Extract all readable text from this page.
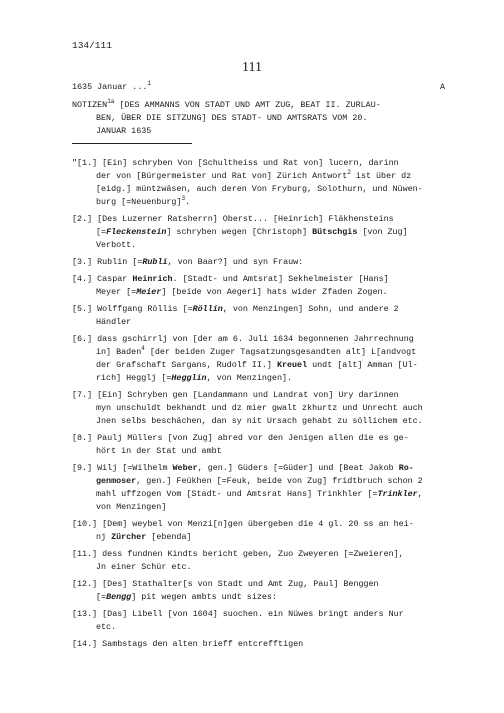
134/111
111
1635 Januar ...$^1$	A
$NOTIZEN^{1a}$ [DES AMMANNS VON STADT UND AMT ZUG, BEAT II. ZURLAU-
BEN, ÜBER DIE SITZUNG] DES STADT- UND AMTSRATS VOM 20.
JANUAR 1635
"[1.] [Ein] schryben Von [Schultheiss und Rat von] lucern, darinn
der von [Bürgermeister und Rat von] Zürich Antwort$^2$ ist über dz
[eidg.] müntzwäsen, auch deren Von Fryburg, Solothurn, und Nüwen-
burg [=Neuenburg]$^3$.
[2.] [Des Luzerner Ratsherrn] Oberst... [Heinrich] Fläkhensteins
[=Fleckenstein] schryben wegen [Christoph] Bütschgis [von Zug]
Verbott.
[3.] Rublin [=Rubli, von Baar?] und syn Frauw:
[4.] Caspar Heinrich. [Stadt- und Amtsrat] Sekhelmeister [Hans]
Meyer [=Meier] [beide von Aegeri] hats wider Zfaden Zogen.
[5.] Wolffgang Röllis [=Röllin, von Menzingen] Sohn, und andere 2
Händler
[6.] dass gschirrlj von [der am 6. Juli 1634 begonnenen Jahrrechnung
in] Baden$^4$ [der beiden Zuger Tagsatzungsgesandten alt] L[andvogt
der Grafschaft Sargans, Rudolf II.] Kreuel undt [alt] Amman [Ul-
rich] Hegglj [=Hegglin, von Menzingen].
[7.] [Ein] Schryben gen [Landammann und Landrat von] Ury darinnen
myn unschuldt bekhandt und dz mier gwalt zkhurtz und Unrecht auch
Jnen selbs beschächen, dan sy nit Ursach gehabt zu söllichem etc.
[8.] Paulj Müllers [von Zug] abred vor den Jenigen allen die es ge-
hört in der Stat und ambt
[9.] Wilj [=Wilhelm Weber, gen.] Güders [=Güder] und [Beat Jakob Ro-
genmoser, gen.] Feükhen [=Feuk, beide von Zug] fridtbruch schon 2
mahl uffzogen Vom [Stadt- und Amtsrat Hans] Trinkhler [=Trinkler,
von Menzingen]
[10.] [Dem] weybel von Menzi[n]gen übergeben die 4 gl. 20 ss an hei-
nj Zürcher [ebenda]
[11.] dess fundnen Kindts bericht geben, Zuo Zweyeren [=Zweieren],
Jn einer Schür etc.
[12.] [Des] Stathalter[s von Stadt und Amt Zug, Paul] Benggen
[=Bengg] pit wegen ambts undt sizes:
[13.] [Das] Libell [von 1604] suochen. ein Nüwes bringt anders Nur
etc.
[14.] Sambstags den alten brieff entcrefftigen
